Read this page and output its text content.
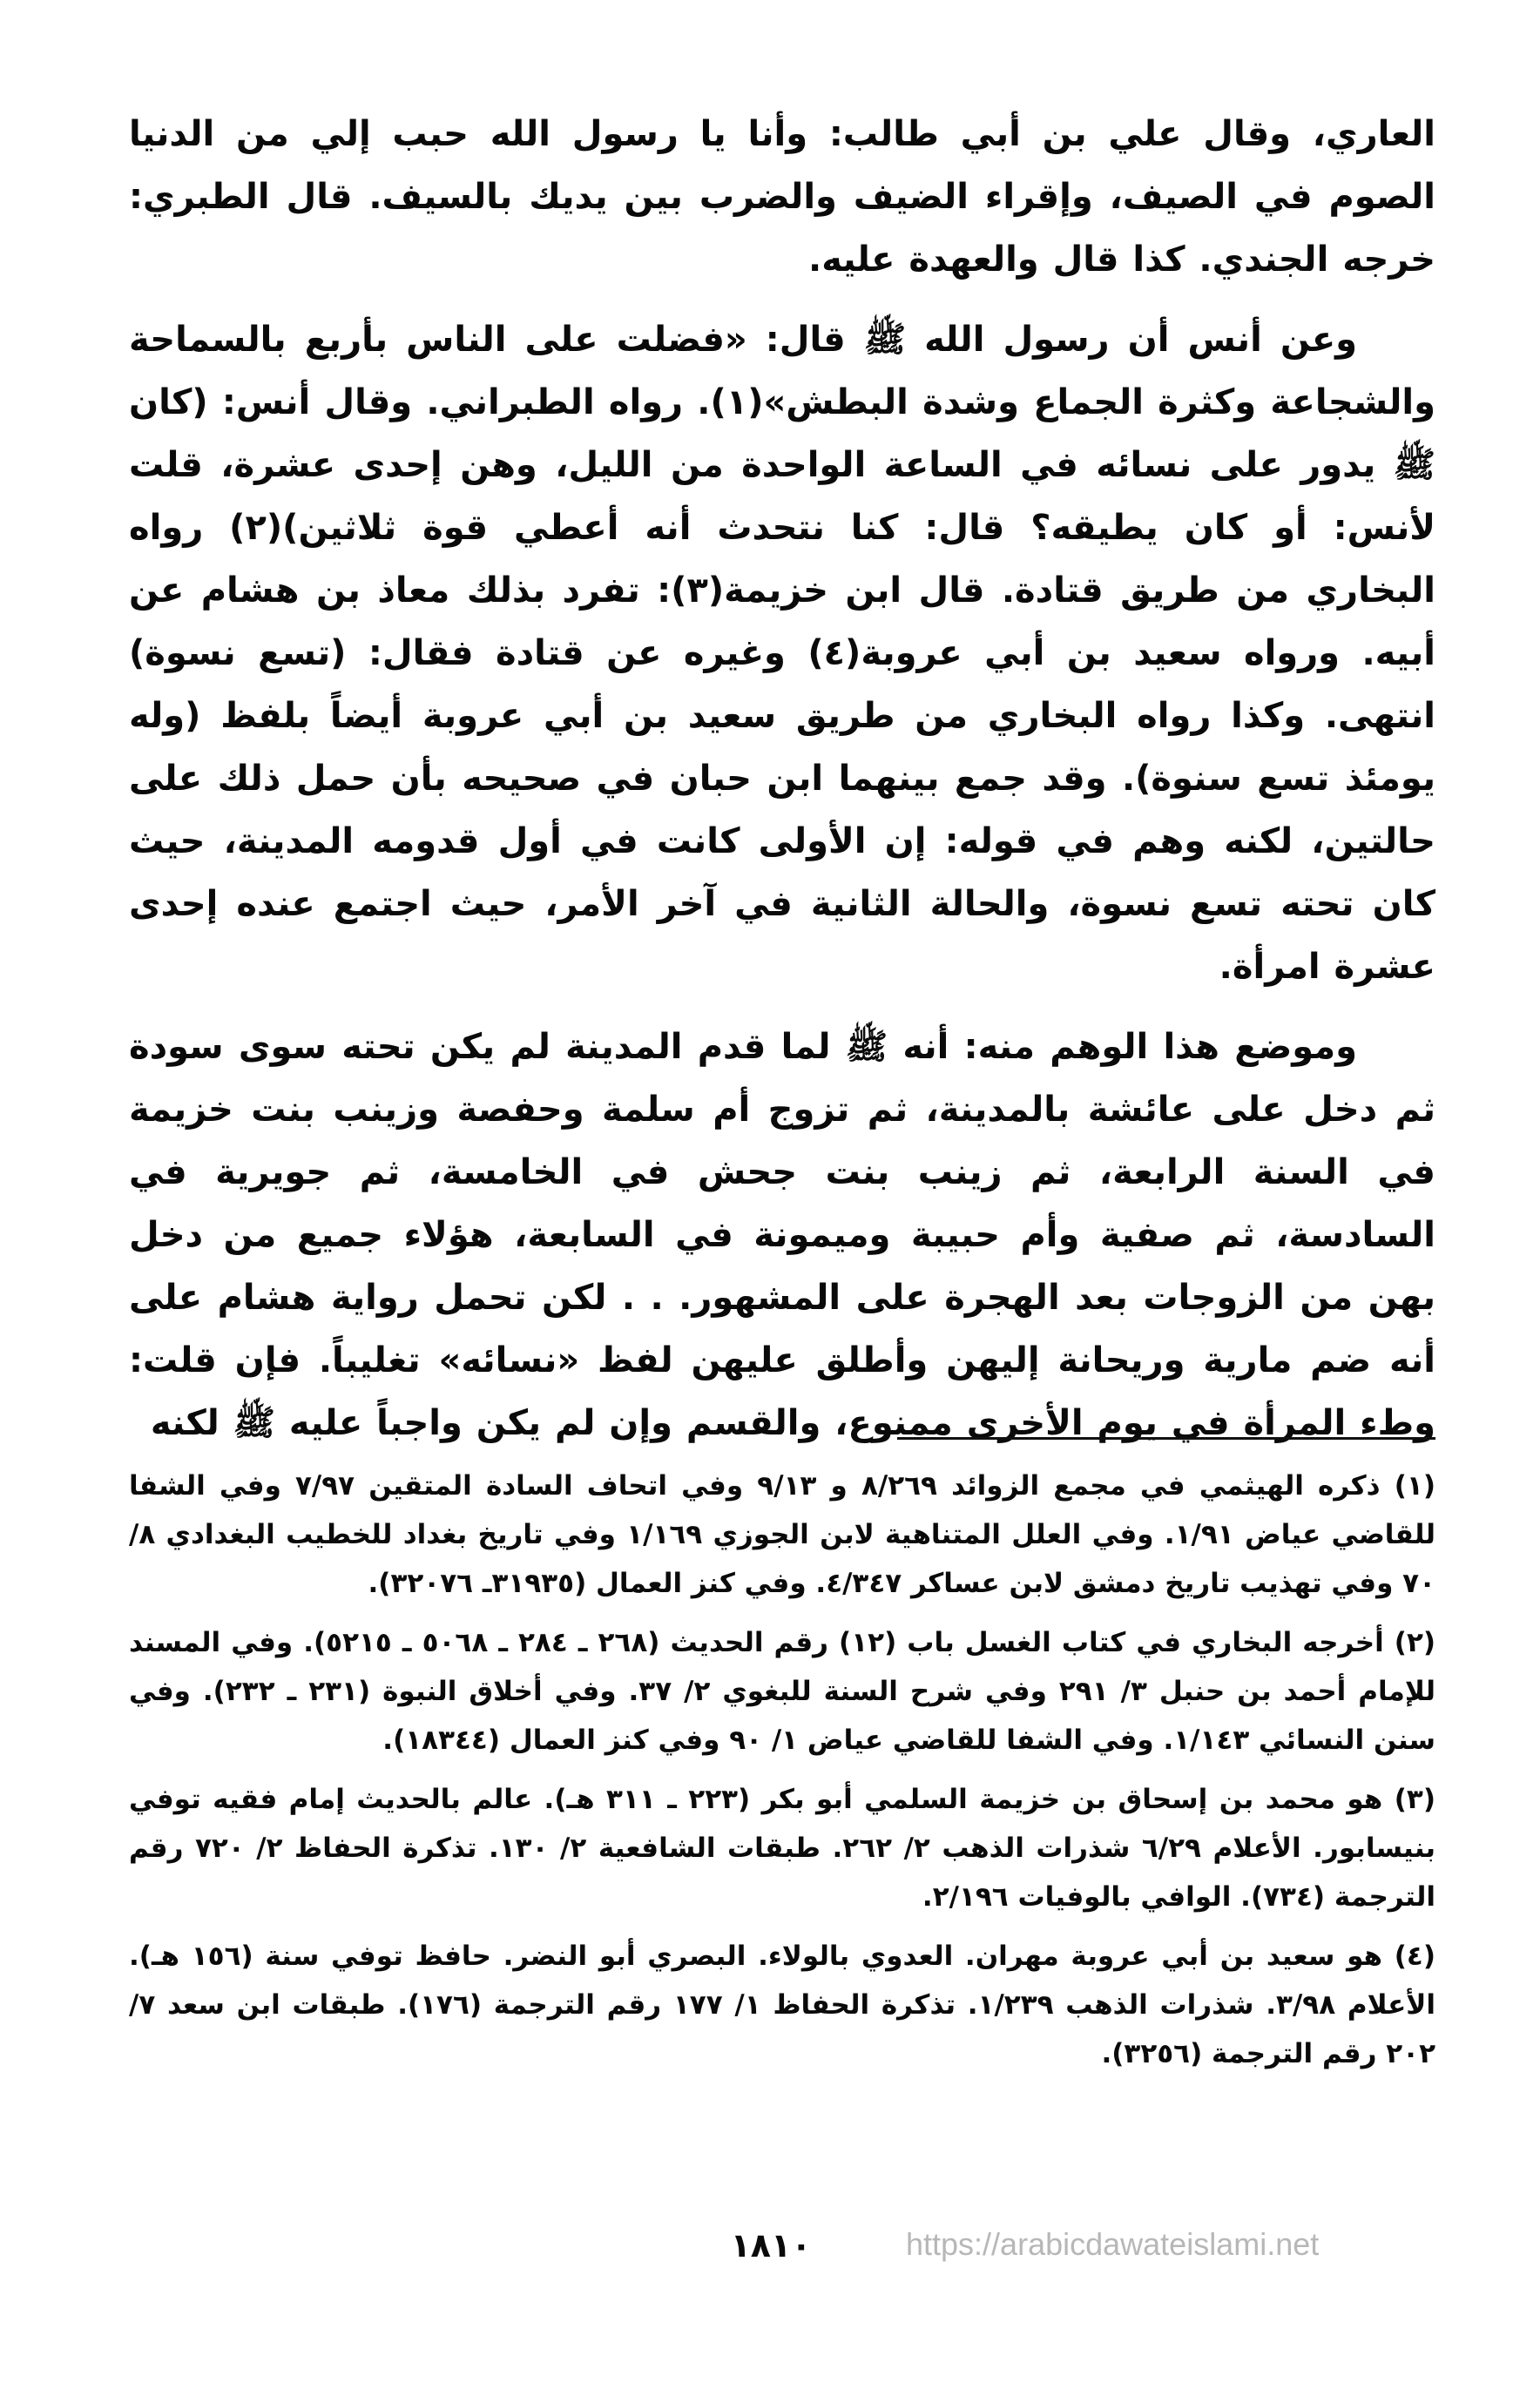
العاري، وقال علي بن أبي طالب: وأنا يا رسول الله حبب إلي من الدنيا الصوم في الصيف، وإقراء الضيف والضرب بين يديك بالسيف. قال الطبري: خرجه الجندي. كذا قال والعهدة عليه.

وعن أنس أن رسول الله ﷺ قال: «فضلت على الناس بأربع بالسماحة والشجاعة وكثرة الجماع وشدة البطش»(١). رواه الطبراني. وقال أنس: (كان ﷺ يدور على نسائه في الساعة الواحدة من الليل، وهن إحدى عشرة، قلت لأنس: أو كان يطيقه؟ قال: كنا نتحدث أنه أعطي قوة ثلاثين)(٢) رواه البخاري من طريق قتادة. قال ابن خزيمة(٣): تفرد بذلك معاذ بن هشام عن أبيه. ورواه سعيد بن أبي عروبة(٤) وغيره عن قتادة فقال: (تسع نسوة) انتهى. وكذا رواه البخاري من طريق سعيد بن أبي عروبة أيضاً بلفظ (وله يومئذ تسع سنوة). وقد جمع بينهما ابن حبان في صحيحه بأن حمل ذلك على حالتين، لكنه وهم في قوله: إن الأولى كانت في أول قدومه المدينة، حيث كان تحته تسع نسوة، والحالة الثانية في آخر الأمر، حيث اجتمع عنده إحدى عشرة امرأة.

وموضع هذا الوهم منه: أنه ﷺ لما قدم المدينة لم يكن تحته سوى سودة ثم دخل على عائشة بالمدينة، ثم تزوج أم سلمة وحفصة وزينب بنت خزيمة في السنة الرابعة، ثم زينب بنت جحش في الخامسة، ثم جويرية في السادسة، ثم صفية وأم حبيبة وميمونة في السابعة، هؤلاء جميع من دخل بهن من الزوجات بعد الهجرة على المشهور. . . لكن تحمل رواية هشام على أنه ضم مارية وريحانة إليهن وأطلق عليهن لفظ «نسائه» تغليباً. فإن قلت: وطء المرأة في يوم الأخرى ممنوع، والقسم وإن لم يكن واجباً عليه ﷺ لكنه

(١) ذكره الهيثمي في مجمع الزوائد ٨/٢٦٩ و ٩/١٣ وفي اتحاف السادة المتقين ٧/٩٧ وفي الشفا للقاضي عياض ١/٩١. وفي العلل المتناهية لابن الجوزي ١/١٦٩ وفي تاريخ بغداد للخطيب البغدادي ٨/ ٧٠ وفي تهذيب تاريخ دمشق لابن عساكر ٤/٣٤٧. وفي كنز العمال (٣١٩٣٥ـ ٣٢٠٧٦).

(٢) أخرجه البخاري في كتاب الغسل باب (١٢) رقم الحديث (٢٦٨ ـ ٢٨٤ ـ ٥٠٦٨ ـ ٥٢١٥). وفي المسند للإمام أحمد بن حنبل ٣/ ٢٩١ وفي شرح السنة للبغوي ٢/ ٣٧. وفي أخلاق النبوة (٢٣١ ـ ٢٣٢). وفي سنن النسائي ١/١٤٣. وفي الشفا للقاضي عياض ١/ ٩٠ وفي كنز العمال (١٨٣٤٤).

(٣) هو محمد بن إسحاق بن خزيمة السلمي أبو بكر (٢٢٣ ـ ٣١١ هـ). عالم بالحديث إمام فقيه توفي بنيسابور. الأعلام ٦/٢٩ شذرات الذهب ٢/ ٢٦٢. طبقات الشافعية ٢/ ١٣٠. تذكرة الحفاظ ٢/ ٧٢٠ رقم الترجمة (٧٣٤). الوافي بالوفيات ٢/١٩٦.

(٤) هو سعيد بن أبي عروبة مهران. العدوي بالولاء. البصري أبو النضر. حافظ توفي سنة (١٥٦ هـ). الأعلام ٣/٩٨. شذرات الذهب ١/٢٣٩. تذكرة الحفاظ ١/ ١٧٧ رقم الترجمة (١٧٦). طبقات ابن سعد ٧/ ٢٠٢ رقم الترجمة (٣٢٥٦).

١٨١٠	https://arabicdawateislami.net
